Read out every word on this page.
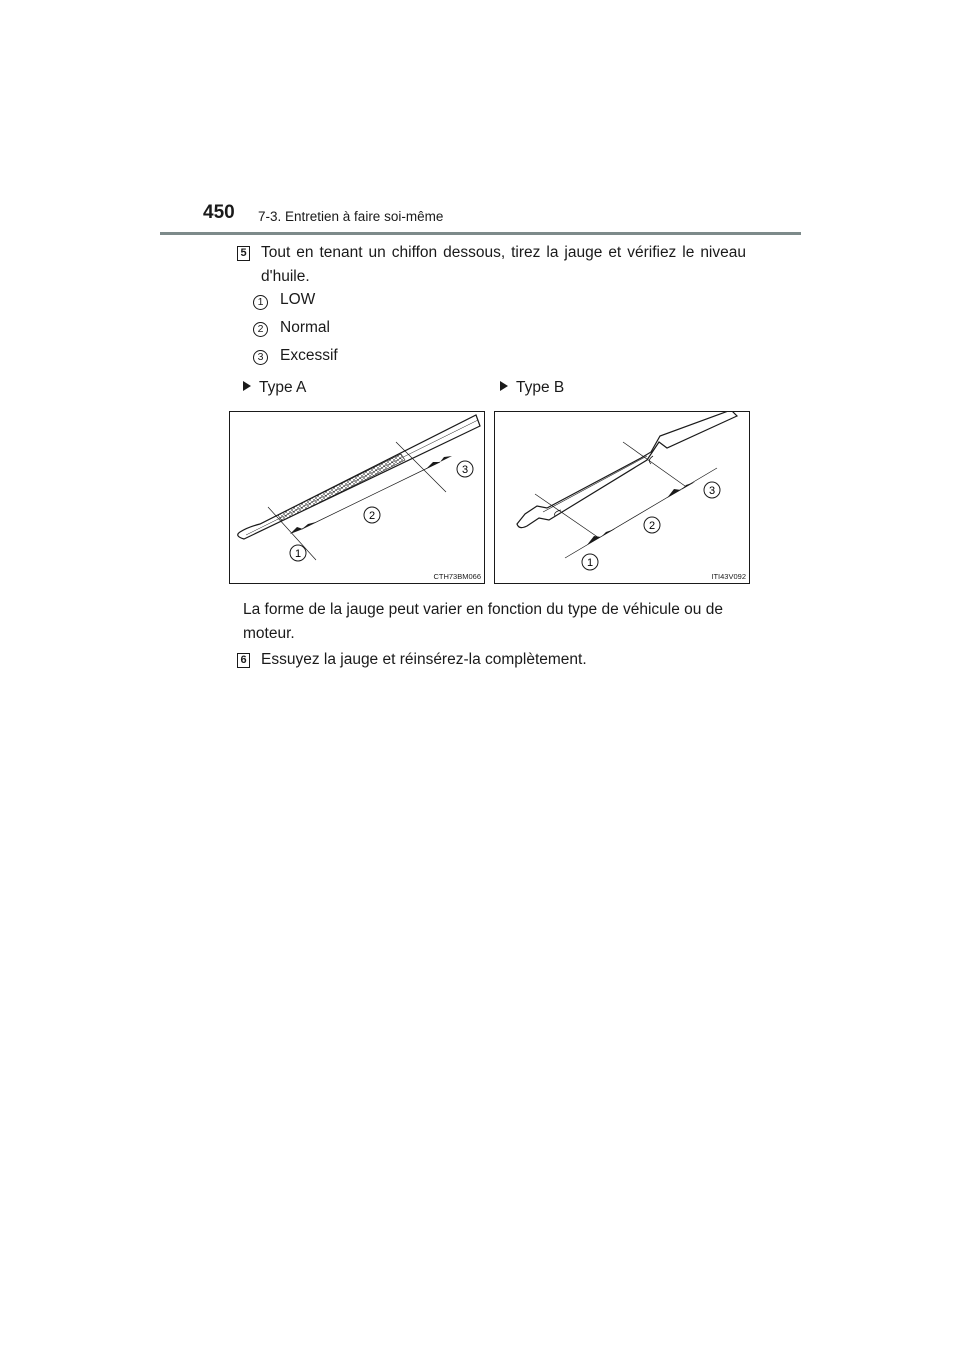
450 7-3. Entretien à faire soi-même
5 Tout en tenant un chiffon dessous, tirez la jauge et vérifiez le niveau d'huile.
1 LOW
2 Normal
3 Excessif
Type A	Type B
1
2
3
CTH73BM066
1
2
3
ITI43V092
La forme de la jauge peut varier en fonction du type de véhicule ou de moteur.
6 Essuyez la jauge et réinsérez-la complètement.
